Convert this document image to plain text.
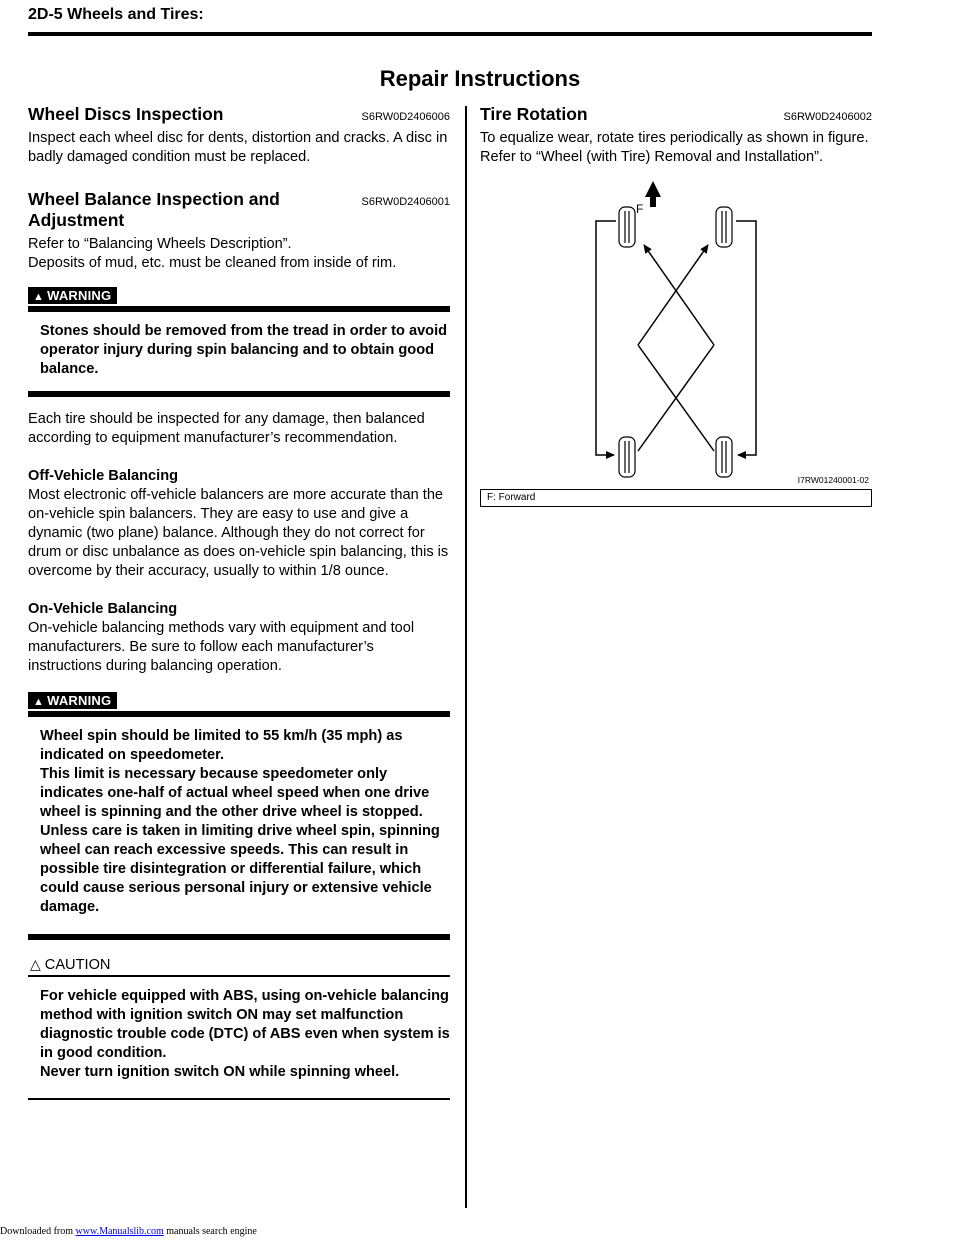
2D-5 Wheels and Tires:
Repair Instructions
Wheel Discs Inspection	S6RW0D2406006

Inspect each wheel disc for dents, distortion and cracks. A disc in badly damaged condition must be replaced.

Wheel Balance Inspection and Adjustment
S6RW0D2406001

Refer to “Balancing Wheels Description”.

Deposits of mud, etc. must be cleaned from inside of rim.

▲ WARNING
Stones should be removed from the tread in order to avoid operator injury during spin balancing and to obtain good balance.

Each tire should be inspected for any damage, then balanced according to equipment manufacturer’s recommendation.

Off-Vehicle Balancing

Most electronic off-vehicle balancers are more accurate than the on-vehicle spin balancers. They are easy to use and give a dynamic (two plane) balance. Although they do not correct for drum or disc unbalance as does on-vehicle spin balancing, this is overcome by their accuracy, usually to within 1/8 ounce.

On-Vehicle Balancing

On-vehicle balancing methods vary with equipment and tool manufacturers. Be sure to follow each manufacturer’s instructions during balancing operation.

▲ WARNING
Wheel spin should be limited to 55 km/h (35 mph) as indicated on speedometer.
This limit is necessary because speedometer only indicates one-half of actual wheel speed when one drive wheel is spinning and the other drive wheel is stopped.
Unless care is taken in limiting drive wheel spin, spinning wheel can reach excessive speeds. This can result in possible tire disintegration or differential failure, which could cause serious personal injury or extensive vehicle damage.
△ CAUTION
For vehicle equipped with ABS, using on-vehicle balancing method with ignition switch ON may set malfunction diagnostic trouble code (DTC) of ABS even when system is in good condition.
Never turn ignition switch ON while spinning wheel.
Tire Rotation	S6RW0D2406002

To equalize wear, rotate tires periodically as shown in figure.

Refer to “Wheel (with Tire) Removal and Installation”.

F
I7RW01240001-02
F: Forward
Downloaded from www.Manualslib.com manuals search engine
